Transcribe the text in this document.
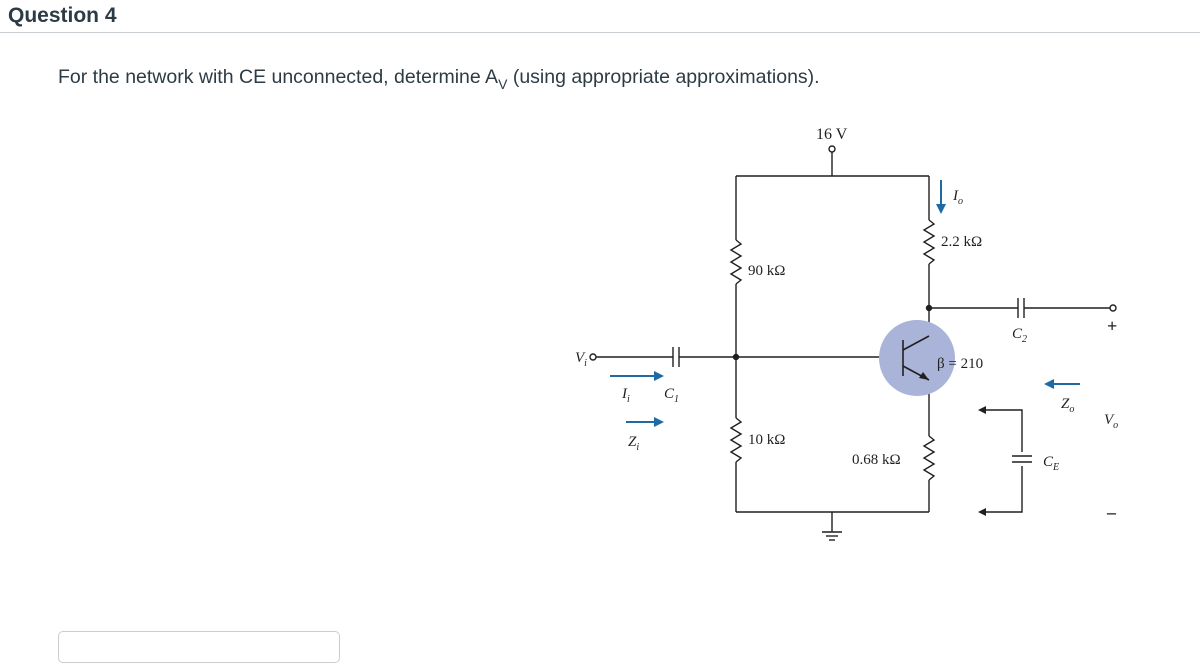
Question 4
For the network with CE unconnected, determine $A_V$ (using appropriate approximations).
16 V
90 kΩ
10 kΩ
2.2 kΩ
0.68 kΩ
β = 210
$V_i$
$I_i$ $C_1$
$Z_i$
$C_2$
$C_E$
$I_o$
$Z_o$
$V_o$
+
–
